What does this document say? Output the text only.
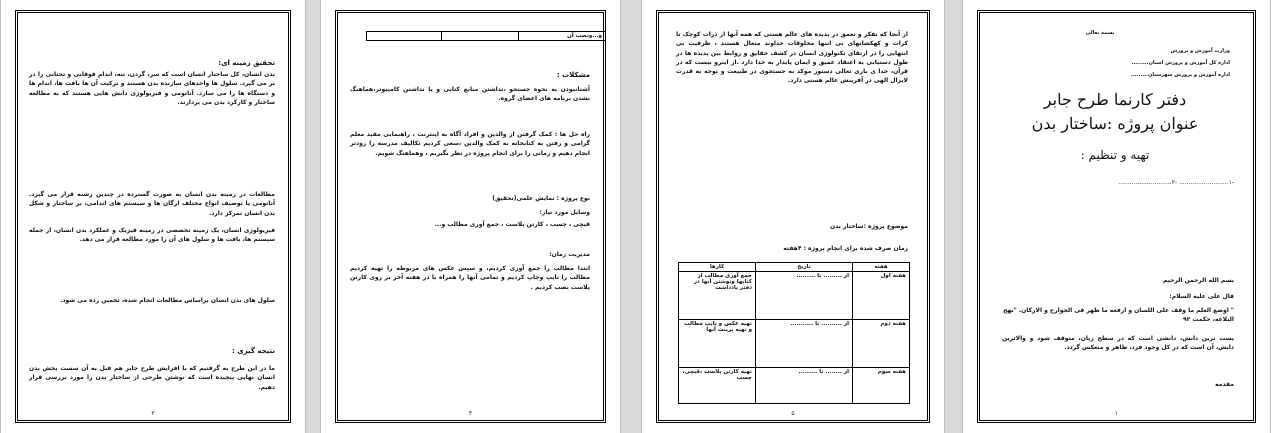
تحقیق زمینه ای:
بدن انسان، کل ساختار انسان است که سر، گردن، تنه، اندام فوقانی و تحتانی را در بر می گیرد. سلول ها واحدهای سازنده بدن هستند و ترکیب آن ها بافت ها، اندام ها و دستگاه ها را می سازد. آناتومی و فیزیولوژی دانش هایی هستند که به مطالعه ساختار و کارکرد بدن می پردازند.
مطالعات در زمینه بدن انسان به صورت گسترده در چندین رشته قرار می گیرد. آناتومی یا توصیف انواع مختلف ارگان ها و سیستم های اندامی، بر ساختار و شکل بدن انسان تمرکز دارد.
فیزیولوژی انسان، یک زمینه تخصصی در زمینه فیزیک و عملکرد بدن انسان، از جمله سیستم ها، بافت ها و سلول های آن را مورد مطالعه قرار می دهد.
سلول های بدن انسان براساس مطالعات انجام شده، تخمین زده می شود.
نتیجه گیری :
ما در این طرح به گرفتیم که با افزایش طرح جابر هم قبل به آن سست بخش بدن انسان نهایی پیچیده است که نوشتن طرحی از ساختار بدن را مورد بررسی قرار دهیم.
۳
و...ونصب آن		
مشکلات :
آشنانبودن به نحوه جستجو ،نداشتن منابع کتابی و یا نداشتن کامپیوتر،هماهنگ نشدن برنامه های اعضای گروه.
راه حل ها : کمک گرفتن از والدین و افراد آگاه به اینترنت ، راهنمایی مفید معلم گرامی و رفتن به کتابخانه به کمک والدین ،سعی کردیم تکالیف مدرسه را زودتر انجام دهیم و زمانی را برای انجام پروژه در نظر بگیریم ، وهماهنگ شویم.
نوع پروژه : نمایش علمی(تحقیق)
وسایل مورد نیاز:
قیچی ، چسب ، کارتن پلاست ، جمع آوری مطالب و...
مدیریت زمان:
ابتدا مطالب را جمع آوری کردیم، و سپس عکس های مربوطه را تهیه کردیم مطالب را تایپ وچاپ کردیم و تمامی آنها را همراه با در هفته آخر بر روی کارتن پلاست نصب کردیم .
۴
از آنجا که تفکر و تعمق در پدیده های عالم هستی که همه آنها از ذرات کوچک تا کرات و کهکشانهای بی انتها مخلوقات خداوند متعال هستند ، ظرفیت بی انتهایی را در ارتقای تکنولوژی انسان در کشف حقایق و روابط بین پدیده ها در طول دستیابی به اعتقاد عمیق و ایمان پایدار به خدا دارد .از اینرو بیست که در قرآن، خدا ی باری تعالی دستور موکد به جستجوی در طبیعت و توجه به قدرت لایزال الهی در آفرینش عالم هستی دارد.
موضوع پروژه :ساختار بدن
زمان صرف شده برای انجام پروژه : ۴هفته
هفته	تاریخ	کارها
هفته اول	از ......... تا .........	جمع آوری مطالب از کتابها ونوشتن آنها در دفتر یادداشت
هفته دوم	از .......... تا ...........	تهیه عکس و تایپ مطالب و تهیه پرینت آنها
هفته سوم	از ........ تا .........	تهیه کارتن پلاست ،قیچی، چسب
۵
بسمه تعالی
وزارت آموزش و پرورش
اداره کل آموزش و پرورش استان.........
اداره آموزش و پرورش شهرستان.........
دفتر کارنما طرح جابر
عنوان پروژه :ساختار بدن
تهیه و تنظیم :
-۱.......................... -۲............................
بسم الله الرحمن الرحیم
قال علی علیه السلام:
" اوضع العلم ما وقف علی اللسان و ارفعه ما ظهر فی الجوارح و الارکان. "نهج البلاغه، حکمت ۹۲
پست ترین دانش، دانشی است که در سطح زبان، متوقف شود و والاترین دانش، آن است که در کل وجود فرد، ظاهر و منعکس گردد.
مقدمه
۱
